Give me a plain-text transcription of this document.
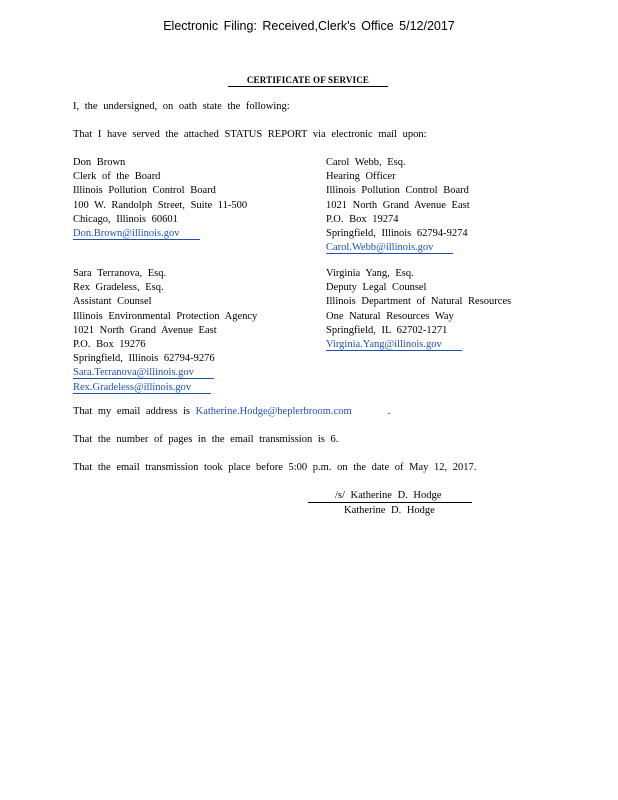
Electronic Filing: Received,Clerk's Office 5/12/2017
CERTIFICATE OF SERVICE
I, the undersigned, on oath state the following:
That I have served the attached STATUS REPORT via electronic mail upon:
Don Brown
Clerk of the Board
Illinois Pollution Control Board
100 W. Randolph Street, Suite 11-500
Chicago, Illinois 60601
Don.Brown@illinois.gov
Carol Webb, Esq.
Hearing Officer
Illinois Pollution Control Board
1021 North Grand Avenue East
P.O. Box 19274
Springfield, Illinois 62794-9274
Carol.Webb@illinois.gov
Sara Terranova, Esq.
Rex Gradeless, Esq.
Assistant Counsel
Illinois Environmental Protection Agency
1021 North Grand Avenue East
P.O. Box 19276
Springfield, Illinois 62794-9276
Sara.Terranova@illinois.gov
Rex.Gradeless@illinois.gov
Virginia Yang, Esq.
Deputy Legal Counsel
Illinois Department of Natural Resources
One Natural Resources Way
Springfield, IL 62702-1271
Virginia.Yang@illinois.gov
That my email address is Katherine.Hodge@heplerbroom.com	.
That the number of pages in the email transmission is 6.
That the email transmission took place before 5:00 p.m. on the date of May 12, 2017.
/s/ Katherine D. Hodge
Katherine D. Hodge
